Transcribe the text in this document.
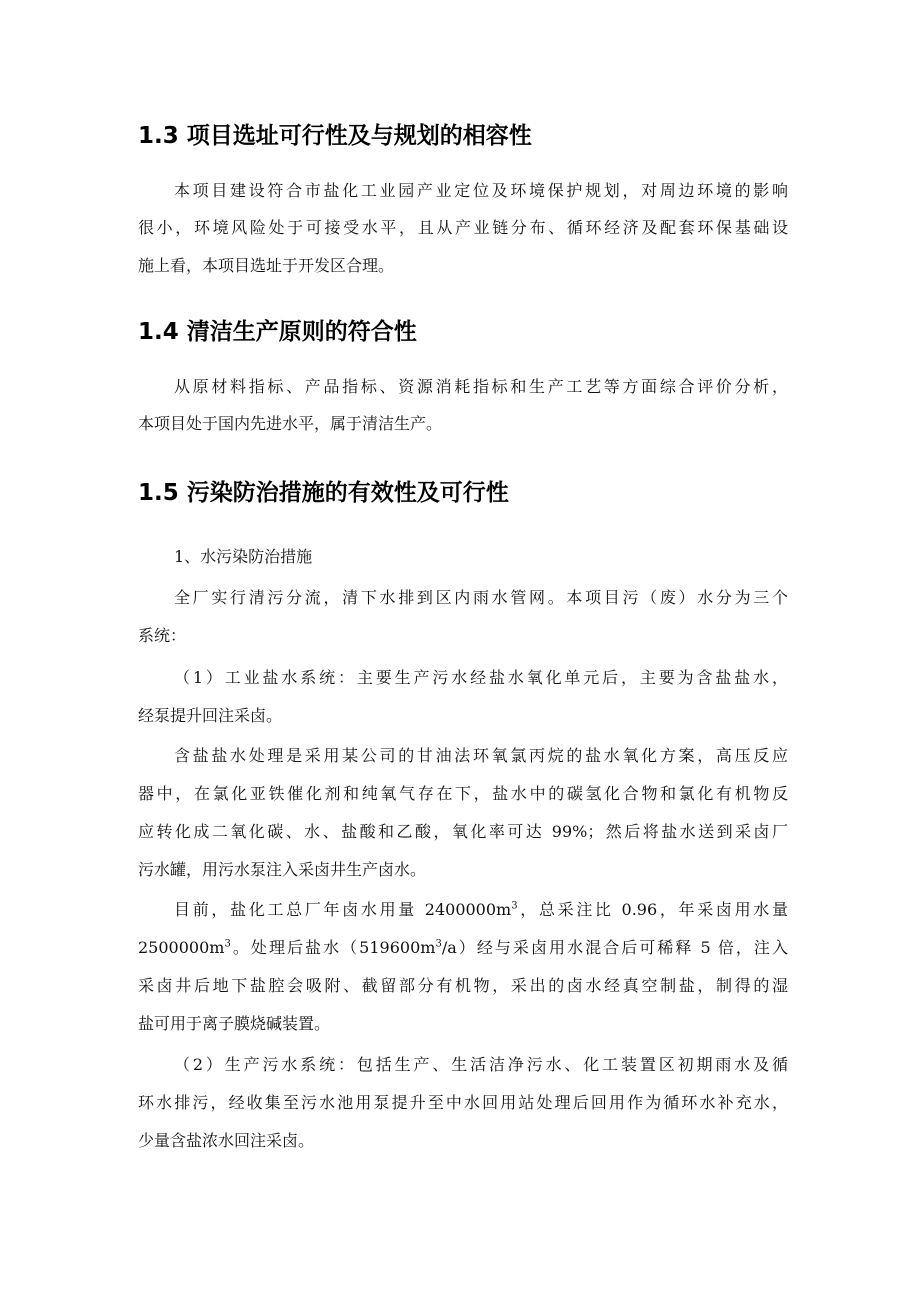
1.3 项目选址可行性及与规划的相容性

本项目建设符合市盐化工业园产业定位及环境保护规划，对周边环境的影响

很小，环境风险处于可接受水平，且从产业链分布、循环经济及配套环保基础设

施上看，本项目选址于开发区合理。

1.4 清洁生产原则的符合性

从原材料指标、产品指标、资源消耗指标和生产工艺等方面综合评价分析，

本项目处于国内先进水平，属于清洁生产。

1.5 污染防治措施的有效性及可行性

1、水污染防治措施

全厂实行清污分流，清下水排到区内雨水管网。本项目污（废）水分为三个

系统：

（1）工业盐水系统：主要生产污水经盐水氧化单元后，主要为含盐盐水，

经泵提升回注采卤。

含盐盐水处理是采用某公司的甘油法环氧氯丙烷的盐水氧化方案，高压反应

器中，在氯化亚铁催化剂和纯氧气存在下，盐水中的碳氢化合物和氯化有机物反

应转化成二氧化碳、水、盐酸和乙酸，氧化率可达 99%；然后将盐水送到采卤厂

污水罐，用污水泵注入采卤井生产卤水。

目前，盐化工总厂年卤水用量 $2400000m^3$，总采注比 0.96，年采卤用水量

$2500000m^3$。处理后盐水$(519600m^3/a)$经与采卤用水混合后可稀释 5 倍，注入

采卤井后地下盐腔会吸附、截留部分有机物，采出的卤水经真空制盐，制得的湿

盐可用于离子膜烧碱装置。

（2）生产污水系统：包括生产、生活洁净污水、化工装置区初期雨水及循

环水排污，经收集至污水池用泵提升至中水回用站处理后回用作为循环水补充水，

少量含盐浓水回注采卤。
